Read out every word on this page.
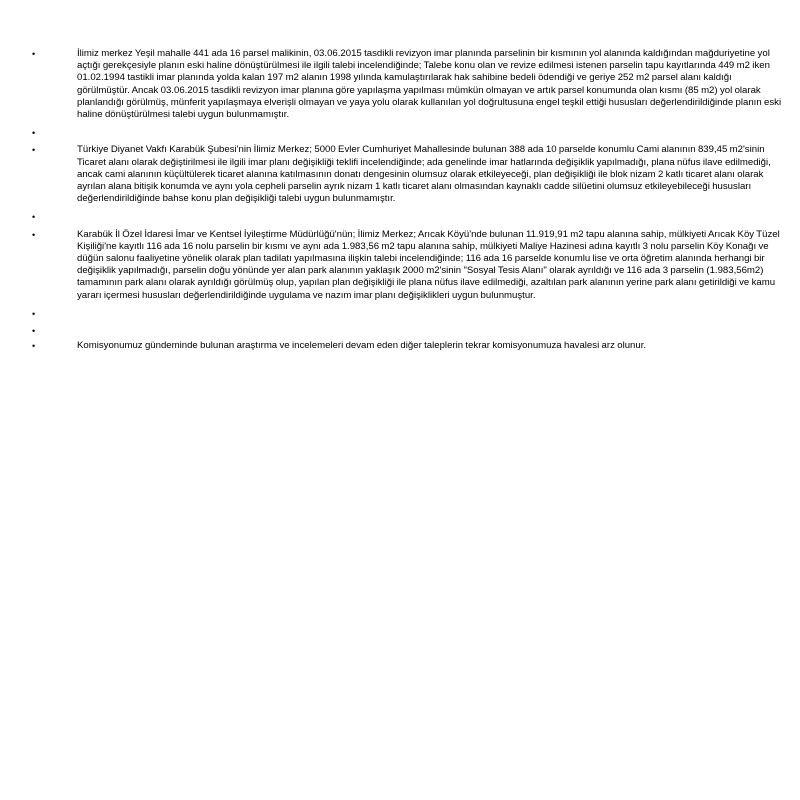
•	İlimiz merkez Yeşil mahalle 441 ada 16 parsel malikinin, 03.06.2015 tasdikli revizyon imar planında parselinin bir kısmının yol alanında kaldığından mağduriyetine yol açtığı gerekçesiyle planın eski haline dönüştürülmesi ile ilgili talebi incelendiğinde; Talebe konu olan ve revize edilmesi istenen parselin tapu kayıtlarında 449 m2 iken 01.02.1994 tastikli imar planında yolda kalan 197 m2 alanın 1998 yılında kamulaştırılarak hak sahibine bedeli ödendiği ve geriye 252 m2 parsel alanı kaldığı görülmüştür. Ancak 03.06.2015 tasdikli revizyon imar planına göre yapılaşma yapılması mümkün olmayan ve artık parsel konumunda olan kısmı (85 m2) yol olarak planlandığı görülmüş, münferit yapılaşmaya elverişli olmayan ve yaya yolu olarak kullanılan yol doğrultusuna engel teşkil ettiği hususları değerlendirildiğinde planın eski haline dönüştürülmesi talebi uygun bulunmamıştır.
•
•	Türkiye Diyanet Vakfı Karabük Şubesi'nin İlimiz Merkez; 5000 Evler Cumhuriyet Mahallesinde bulunan 388 ada 10 parselde konumlu Cami alanının 839,45 m2'sinin Ticaret alanı olarak değiştirilmesi ile ilgili imar planı değişikliği teklifi incelendiğinde; ada genelinde imar hatlarında değişiklik yapılmadığı, plana nüfus ilave edilmediği, ancak cami alanının küçültülerek ticaret alanına katılmasının donatı dengesinin olumsuz olarak etkileyeceği, plan değişikliği ile blok nizam 2 katlı ticaret alanı olarak ayrılan alana bitişik konumda ve aynı yola cepheli parselin ayrık nizam 1 katlı ticaret alanı olmasından kaynaklı cadde silüetini olumsuz etkileyebileceği hususları değerlendirildiğinde bahse konu plan değişikliği talebi uygun bulunmamıştır.
•
•	Karabük İl Özel İdaresi İmar ve Kentsel İyileştirme Müdürlüğü'nün; İlimiz Merkez; Arıcak Köyü'nde bulunan 11.919,91 m2 tapu alanına sahip, mülkiyeti Arıcak Köy Tüzel Kişiliği'ne kayıtlı 116 ada 16 nolu parselin bir kısmı ve aynı ada 1.983,56 m2 tapu alanına sahip, mülkiyeti Maliye Hazinesi adına kayıtlı 3 nolu parselin Köy Konağı ve düğün salonu faaliyetine yönelik olarak plan tadilatı yapılmasına ilişkin talebi incelendiğinde; 116 ada 16 parselde konumlu lise ve orta öğretim alanında herhangi bir değişiklik yapılmadığı, parselin doğu yönünde yer alan park alanının yaklaşık 2000 m2'sinin "Sosyal Tesis Alanı" olarak ayrıldığı ve 116 ada 3 parselin (1.983,56m2) tamamının park alanı olarak ayrıldığı görülmüş olup, yapılan plan değişikliği ile plana nüfus ilave edilmediği, azaltılan park alanının yerine park alanı getirildiği ve kamu yararı içermesi hususları değerlendirildiğinde uygulama ve nazım imar planı değişiklikleri uygun bulunmuştur.
•
•
•	Komisyonumuz gündeminde bulunan araştırma ve incelemeleri devam eden diğer taleplerin tekrar komisyonumuza havalesi arz olunur.
